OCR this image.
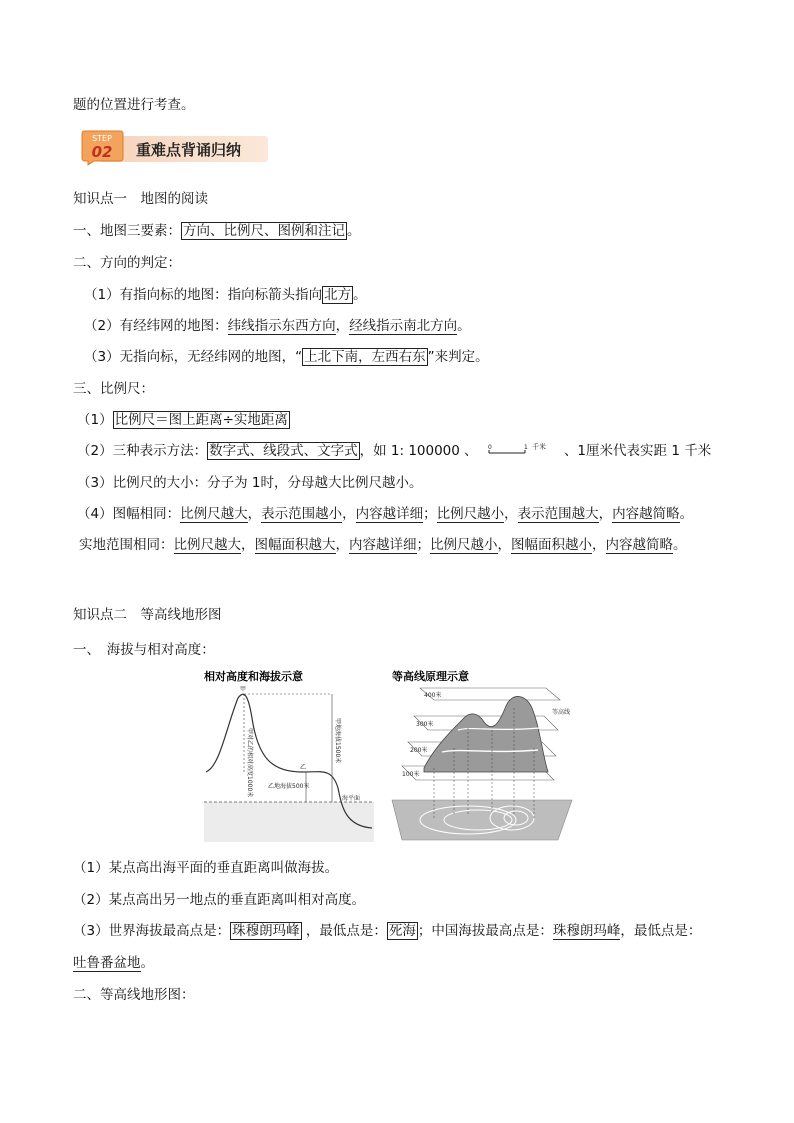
题的位置进行考查。
STEP
02 重难点背诵归纳
知识点一　地图的阅读
一、地图三要素： 方向、比例尺、图例和注记 。
二、方向的判定：
（1）有指向标的地图：指向标箭头指向 北方 。
（2）有经纬网的地图：纬线指示东西方向，经线指示南北方向。
（3）无指向标，无经纬网的地图，“ 上北下南，左西右东 ”来判定。
三、比例尺：
（1） 比例尺＝图上距离÷实地距离
（2）三种表示方法： 数字式、线段式、文字式 ，如 1: 100000 、 0	1 千米 、1厘米代表实距 1 千米
（3）比例尺的大小：分子为 1时，分母越大比例尺越小。
（4）图幅相同：比例尺越大，表示范围越小，内容越详细；比例尺越小，表示范围越大，内容越简略。
实地范围相同：比例尺越大，图幅面积越大，内容越详细；比例尺越小，图幅面积越小，内容越简略。
知识点二　等高线地形图
一、　海拔与相对高度：
相对高度和海拔示意
甲
乙
甲对乙的相对高度1000米	甲地海拔1500米
乙地海拔500米
海平面
等高线原理示意
400米
300米
200米
100米
等高线
（1）某点高出海平面的垂直距离叫做海拔。
（2）某点高出另一地点的垂直距离叫相对高度。
（3）世界海拔最高点是： 珠穆朗玛峰 ，最低点是： 死海 ；中国海拔最高点是：珠穆朗玛峰，最低点是：
吐鲁番盆地。
二、等高线地形图：
